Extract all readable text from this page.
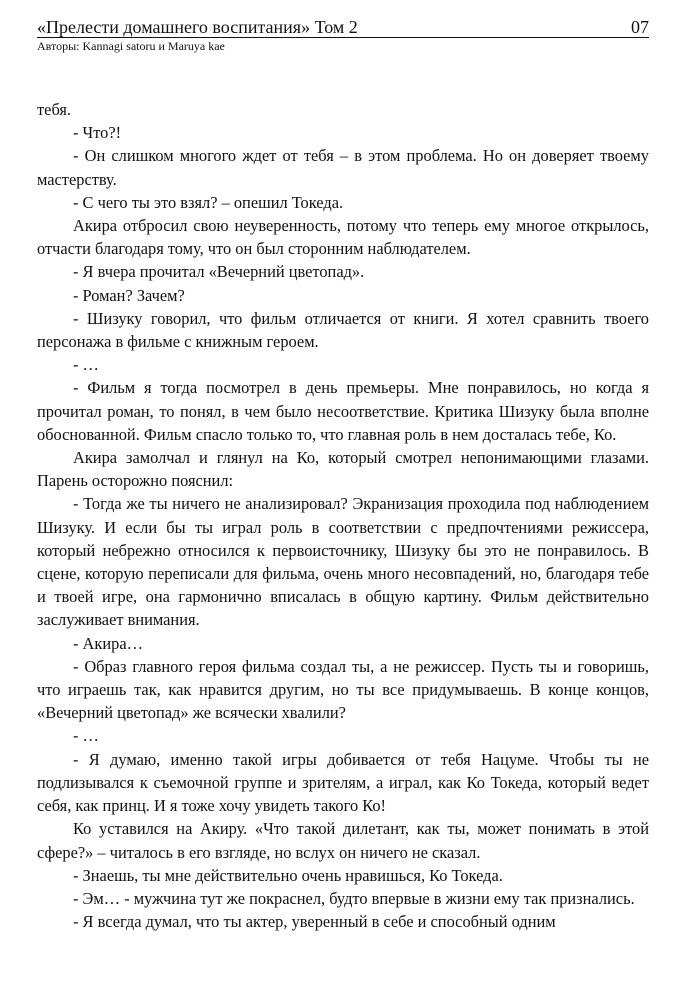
«Прелести домашнего воспитания» Том 2	07
Авторы: Kannagi satoru и Maruya kae

тебя.

- Что?!

- Он слишком многого ждет от тебя – в этом проблема. Но он доверяет твоему мастерству.

- С чего ты это взял? – опешил Токеда.

Акира отбросил свою неуверенность, потому что теперь ему многое открылось, отчасти благодаря тому, что он был сторонним наблюдателем.

- Я вчера прочитал «Вечерний цветопад».

- Роман? Зачем?

- Шизуку говорил, что фильм отличается от книги. Я хотел сравнить твоего персонажа в фильме с книжным героем.

- …

- Фильм я тогда посмотрел в день премьеры. Мне понравилось, но когда я прочитал роман, то понял, в чем было несоответствие. Критика Шизуку была вполне обоснованной. Фильм спасло только то, что главная роль в нем досталась тебе, Ко.

Акира замолчал и глянул на Ко, который смотрел непонимающими глазами. Парень осторожно пояснил:

- Тогда же ты ничего не анализировал? Экранизация проходила под наблюдением Шизуку. И если бы ты играл роль в соответствии с предпочтениями режиссера, который небрежно относился к первоисточнику, Шизуку бы это не понравилось. В сцене, которую переписали для фильма, очень много несовпадений, но, благодаря тебе и твоей игре, она гармонично вписалась в общую картину. Фильм действительно заслуживает внимания.

- Акира…

- Образ главного героя фильма создал ты, а не режиссер. Пусть ты и говоришь, что играешь так, как нравится другим, но ты все придумываешь. В конце концов, «Вечерний цветопад» же всячески хвалили?

- …

- Я думаю, именно такой игры добивается от тебя Нацуме. Чтобы ты не подлизывался к съемочной группе и зрителям, а играл, как Ко Токеда, который ведет себя, как принц. И я тоже хочу увидеть такого Ко!

Ко уставился на Акиру. «Что такой дилетант, как ты, может понимать в этой сфере?» – читалось в его взгляде, но вслух он ничего не сказал.

- Знаешь, ты мне действительно очень нравишься, Ко Токеда.

- Эм… - мужчина тут же покраснел, будто впервые в жизни ему так признались.

- Я всегда думал, что ты актер, уверенный в себе и способный одним
